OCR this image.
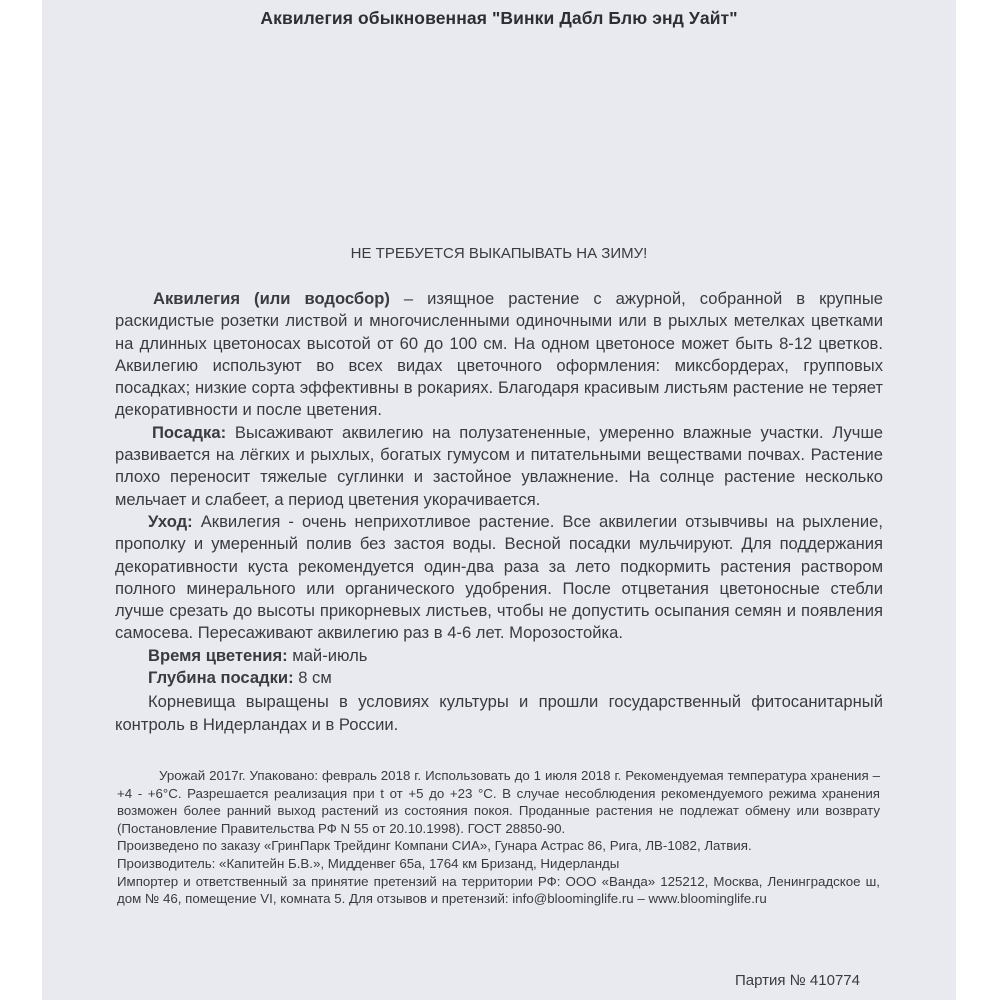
Аквилегия обыкновенная "Винки Дабл Блю энд Уайт"
НЕ ТРЕБУЕТСЯ ВЫКАПЫВАТЬ НА ЗИМУ!

Аквилегия (или водосбор) – изящное растение с ажурной, собранной в крупные раскидистые розетки листвой и многочисленными одиночными или в рыхлых метелках цветками на длинных цветоносах высотой от 60 до 100 см. На одном цветоносе может быть 8-12 цветков. Аквилегию используют во всех видах цветочного оформления: миксбордерах, групповых посадках; низкие сорта эффективны в рокариях. Благодаря красивым листьям растение не теряет декоративности и после цветения.

Посадка: Высаживают аквилегию на полузатененные, умеренно влажные участки. Лучше развивается на лёгких и рыхлых, богатых гумусом и питательными веществами почвах. Растение плохо переносит тяжелые суглинки и застойное увлажнение. На солнце растение несколько мельчает и слабеет, а период цветения укорачивается.

Уход: Аквилегия - очень неприхотливое растение. Все аквилегии отзывчивы на рыхление, прополку и умеренный полив без застоя воды. Весной посадки мульчируют. Для поддержания декоративности куста рекомендуется один-два раза за лето подкормить растения раствором полного минерального или органического удобрения. После отцветания цветоносные стебли лучше срезать до высоты прикорневых листьев, чтобы не допустить осыпания семян и появления самосева. Пересаживают аквилегию раз в 4-6 лет. Морозостойка.

Время цветения: май-июль

Глубина посадки: 8 см

Корневища выращены в условиях культуры и прошли государственный фитосанитарный контроль в Нидерландах и в России.

Урожай 2017г. Упаковано: февраль 2018 г. Использовать до 1 июля 2018 г. Рекомендуемая температура хранения – +4 - +6°С. Разрешается реализация при t от +5 до +23 °С. В случае несоблюдения рекомендуемого режима хранения возможен более ранний выход растений из состояния покоя. Проданные растения не подлежат обмену или возврату (Постановление Правительства РФ N 55 от 20.10.1998). ГОСТ 28850-90.

Произведено по заказу «ГринПарк Трейдинг Компани СИА», Гунара Астрас 86, Рига, ЛВ-1082, Латвия.

Производитель: «Капитейн Б.В.», Мидденвег 65а, 1764 км Бризанд, Нидерланды

Импортер и ответственный за принятие претензий на территории РФ: ООО «Ванда» 125212, Москва, Ленинградское ш, дом № 46, помещение VI, комната 5. Для отзывов и претензий: info@bloominglife.ru – www.bloominglife.ru

Партия № 410774
